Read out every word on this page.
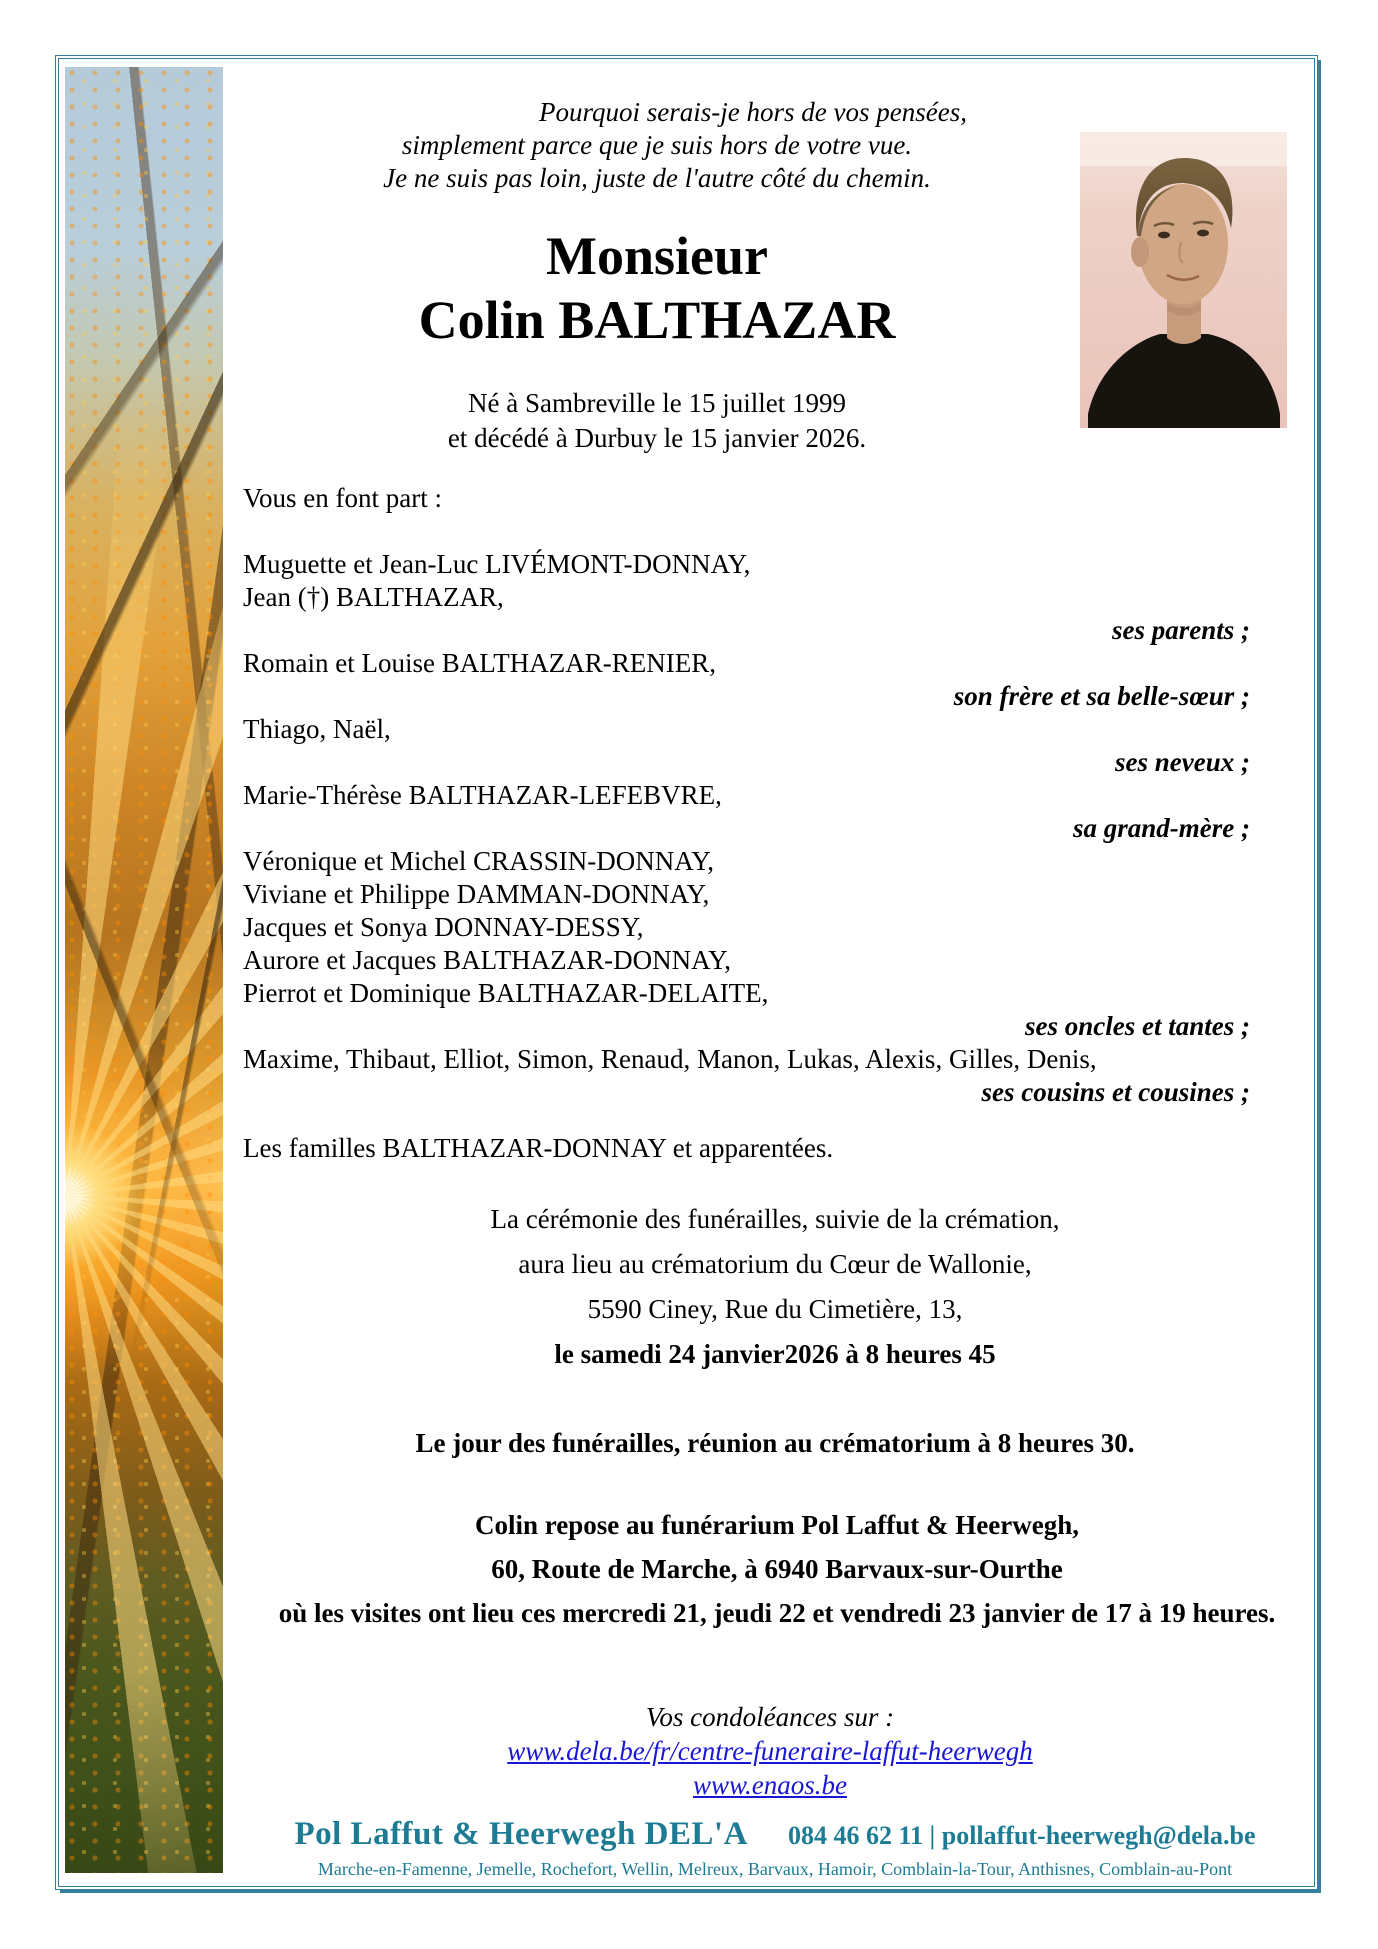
Pourquoi serais-je hors de vos pensées,
simplement parce que je suis hors de votre vue.
Je ne suis pas loin, juste de l'autre côté du chemin.
Monsieur
Colin BALTHAZAR
Né à Sambreville le 15 juillet 1999
et décédé à Durbuy le 15 janvier 2026.
Vous en font part :
Muguette et Jean-Luc LIVÉMONT-DONNAY,
Jean (†) BALTHAZAR,
ses parents ;
Romain et Louise BALTHAZAR-RENIER,
son frère et sa belle-sœur ;
Thiago, Naël,
ses neveux ;
Marie-Thérèse BALTHAZAR-LEFEBVRE,
sa grand-mère ;
Véronique et Michel CRASSIN-DONNAY,
Viviane et Philippe DAMMAN-DONNAY,
Jacques et Sonya DONNAY-DESSY,
Aurore et Jacques BALTHAZAR-DONNAY,
Pierrot et Dominique BALTHAZAR-DELAITE,
ses oncles et tantes ;
Maxime, Thibaut, Elliot, Simon, Renaud, Manon, Lukas, Alexis, Gilles, Denis,
ses cousins et cousines ;
Les familles BALTHAZAR-DONNAY et apparentées.
La cérémonie des funérailles, suivie de la crémation,
aura lieu au crématorium du Cœur de Wallonie,
5590 Ciney, Rue du Cimetière, 13,
le samedi 24 janvier2026 à 8 heures 45
Le jour des funérailles, réunion au crématorium à 8 heures 30.
Colin repose au funérarium Pol Laffut & Heerwegh,
60, Route de Marche, à 6940 Barvaux-sur-Ourthe
où les visites ont lieu ces mercredi 21, jeudi 22 et vendredi 23 janvier de 17 à 19 heures.
Vos condoléances sur :
www.dela.be/fr/centre-funeraire-laffut-heerwegh
www.enaos.be
Pol Laffut & Heerwegh DEL'A 084 46 62 11 | pollaffut-heerwegh@dela.be
Marche-en-Famenne, Jemelle, Rochefort, Wellin, Melreux, Barvaux, Hamoir, Comblain-la-Tour, Anthisnes, Comblain-au-Pont
